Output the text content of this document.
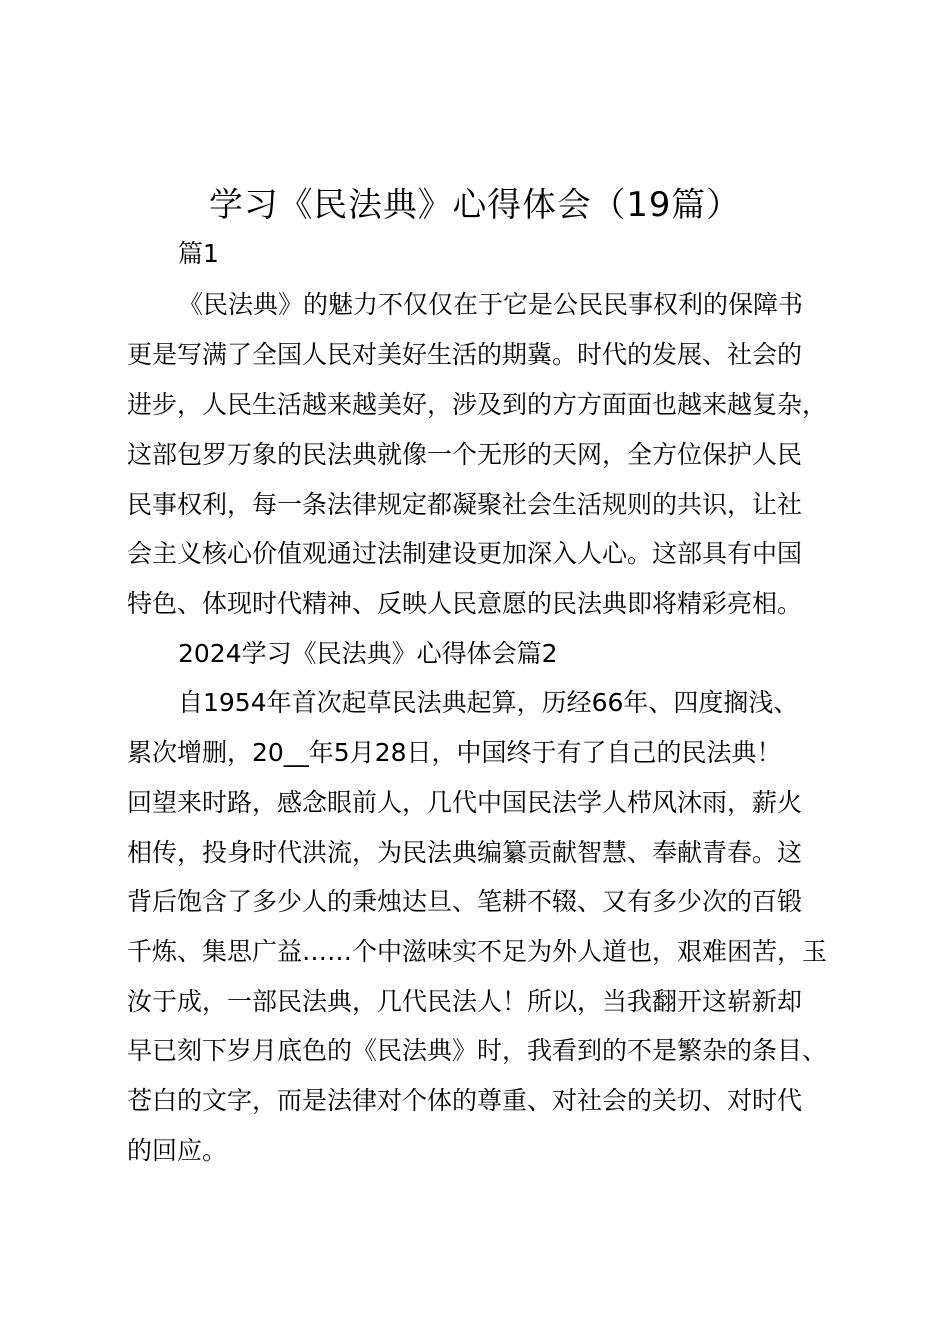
学习《民法典》心得体会（19篇）
篇1
《民法典》的魅力不仅仅在于它是公民民事权利的保障书
更是写满了全国人民对美好生活的期冀。时代的发展、社会的
进步，人民生活越来越美好，涉及到的方方面面也越来越复杂，
这部包罗万象的民法典就像一个无形的天网，全方位保护人民
民事权利，每一条法律规定都凝聚社会生活规则的共识，让社
会主义核心价值观通过法制建设更加深入人心。这部具有中国
特色、体现时代精神、反映人民意愿的民法典即将精彩亮相。
2024学习《民法典》心得体会篇2
自1954年首次起草民法典起算，历经66年、四度搁浅、
累次增删，20__年5月28日，中国终于有了自己的民法典！
回望来时路，感念眼前人，几代中国民法学人栉风沐雨，薪火
相传，投身时代洪流，为民法典编纂贡献智慧、奉献青春。这
背后饱含了多少人的秉烛达旦、笔耕不辍、又有多少次的百锻
千炼、集思广益……个中滋味实不足为外人道也，艰难困苦，玉
汝于成，一部民法典，几代民法人！所以，当我翻开这崭新却
早已刻下岁月底色的《民法典》时，我看到的不是繁杂的条目、
苍白的文字，而是法律对个体的尊重、对社会的关切、对时代
的回应。
